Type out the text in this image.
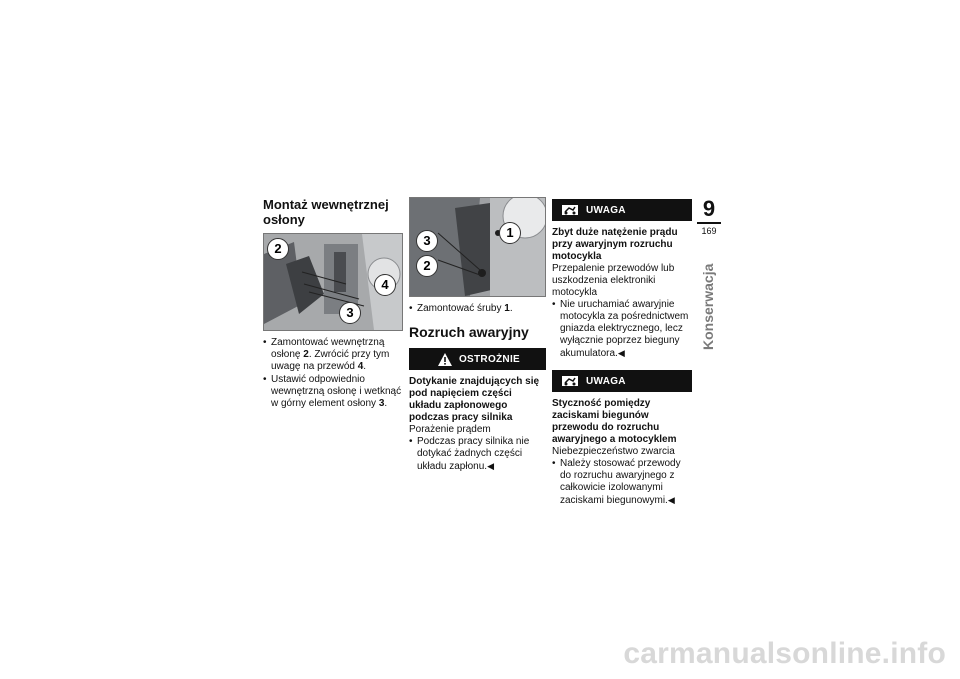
Montaż wewnętrznej osłony
2
4
3
• Zamontować wewnętrzną osłonę 2. Zwrócić przy tym uwagę na przewód 4.
• Ustawić odpowiednio wewnętrzną osłonę i wetknąć w górny element osłony 3.
1
3
2
• Zamontować śruby 1.
Rozruch awaryjny
OSTROŻNIE
Dotykanie znajdujących się pod napięciem części układu zapłonowego podczas pracy silnika

Porażenie prądem

• Podczas pracy silnika nie dotykać żadnych części układu zapłonu.◀
UWAGA
Zbyt duże natężenie prądu przy awaryjnym rozruchu motocykla

Przepalenie przewodów lub uszkodzenia elektroniki motocykla

• Nie uruchamiać awaryjnie motocykla za pośrednictwem gniazda elektrycznego, lecz wyłącznie poprzez bieguny akumulatora.◀
UWAGA
Styczność pomiędzy zaciskami biegunów przewodu do rozruchu awaryjnego a motocyklem

Niebezpieczeństwo zwarcia

• Należy stosować przewody do rozruchu awaryjnego z całkowicie izolowanymi zaciskami biegunowymi.◀
9
169
Konserwacja
carmanualsonline.info
